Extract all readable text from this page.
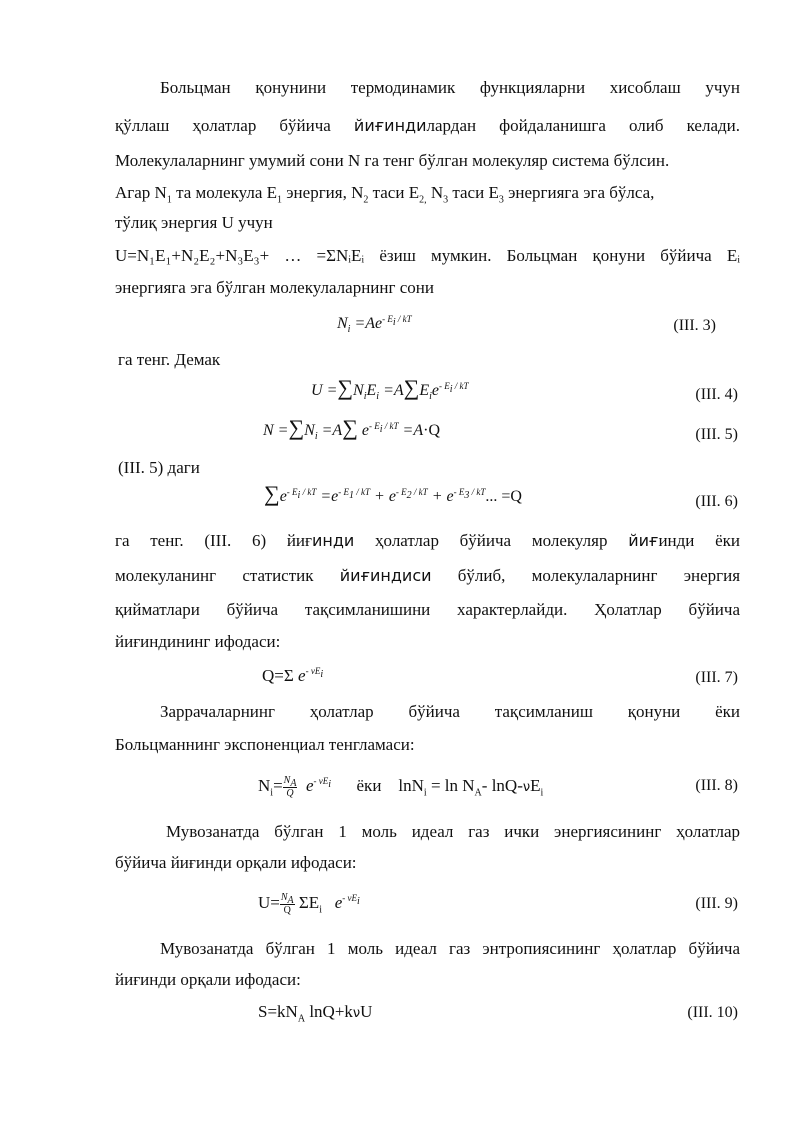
Больцман қонунини термодинамик функцияларни хисоблаш учун
қўллаш ҳолатлар бўйича йиғиндилардан фойдаланишга олиб келади.
Молекулаларнинг умумий сони N га тенг бўлган молекуляр система бўлсин.
Агар $N_1$ та молекула $E_1$ энергия, $N_2$ таси $E_{2,}$ $N_3$ таси $E_3$ энергияга эга бўлса,
тўлиқ энергия U учун
U=N₁E₁+N₂E₂+N₃E₃+ … =ΣNᵢEᵢ ёзиш мумкин. Больцман қонуни бўйича Eᵢ
энергияга эга бўлган молекулаларнинг сони
$N_i =Ae^{- E_i / kT}$	(III. 3)
га тенг. Демак
$U =\sum N_iE_i =A\sum E_ie^{- E_i / kT}$
(III. 4)
$N =\sum N_i =A\sum$ $e^{- E_i / kT} =A\cdot Q$	(III. 5)
(III. 5) даги
$\sum e^{- E_i / kT} =e^{- E_1 / kT} + e^{- E_2 / kT} + e^{- E_3 / kT}$... =Q	(III. 6)
га тенг. (III. 6) йиғинди ҳолатлар бўйича молекуляр йиғинди ёки
молекуланинг статистик йиғиндиси бўлиб, молекулаларнинг энергия
қийматлари бўйича тақсимланишини характерлайди. Ҳолатлар бўйича
йиғиндининг ифодаси:
Q=Σ $e^{- \nu E_i}$	(III. 7)
Заррачаларнинг ҳолатлар бўйича тақсимланиш қонуни ёки
Больцманнинг экспоненциал тенгламаси:
$N_i= \frac{N_A}{Q} e^{- \nu E_i}$ ёки $\ln N_i = \ln N_A-$ lnQ-$\nu E_i$	(III. 8)
Мувозанатда бўлган 1 моль идеал газ ички энергиясининг ҳолатлар
бўйича йиғинди орқали ифодаси:
$U= \frac{N_A}{Q} \Sigma E_i$ $e^{- \nu E_i}$	(III. 9)
Мувозанатда бўлган 1 моль идеал газ энтропиясининг ҳолатлар бўйича
йиғинди орқали ифодаси:
$S=kN_A$ lnQ+kνU	(III. 10)
